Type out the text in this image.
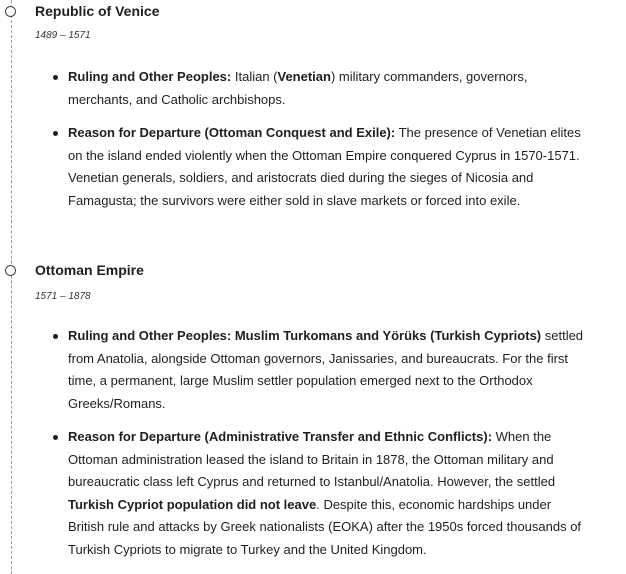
Republic of Venice
1489 – 1571
Ruling and Other Peoples: Italian (Venetian) military commanders, governors, merchants, and Catholic archbishops.
Reason for Departure (Ottoman Conquest and Exile): The presence of Venetian elites on the island ended violently when the Ottoman Empire conquered Cyprus in 1570-1571. Venetian generals, soldiers, and aristocrats died during the sieges of Nicosia and Famagusta; the survivors were either sold in slave markets or forced into exile.
Ottoman Empire
1571 – 1878
Ruling and Other Peoples: Muslim Turkomans and Yörüks (Turkish Cypriots) settled from Anatolia, alongside Ottoman governors, Janissaries, and bureaucrats. For the first time, a permanent, large Muslim settler population emerged next to the Orthodox Greeks/Romans.
Reason for Departure (Administrative Transfer and Ethnic Conflicts): When the Ottoman administration leased the island to Britain in 1878, the Ottoman military and bureaucratic class left Cyprus and returned to Istanbul/Anatolia. However, the settled Turkish Cypriot population did not leave. Despite this, economic hardships under British rule and attacks by Greek nationalists (EOKA) after the 1950s forced thousands of Turkish Cypriots to migrate to Turkey and the United Kingdom.
